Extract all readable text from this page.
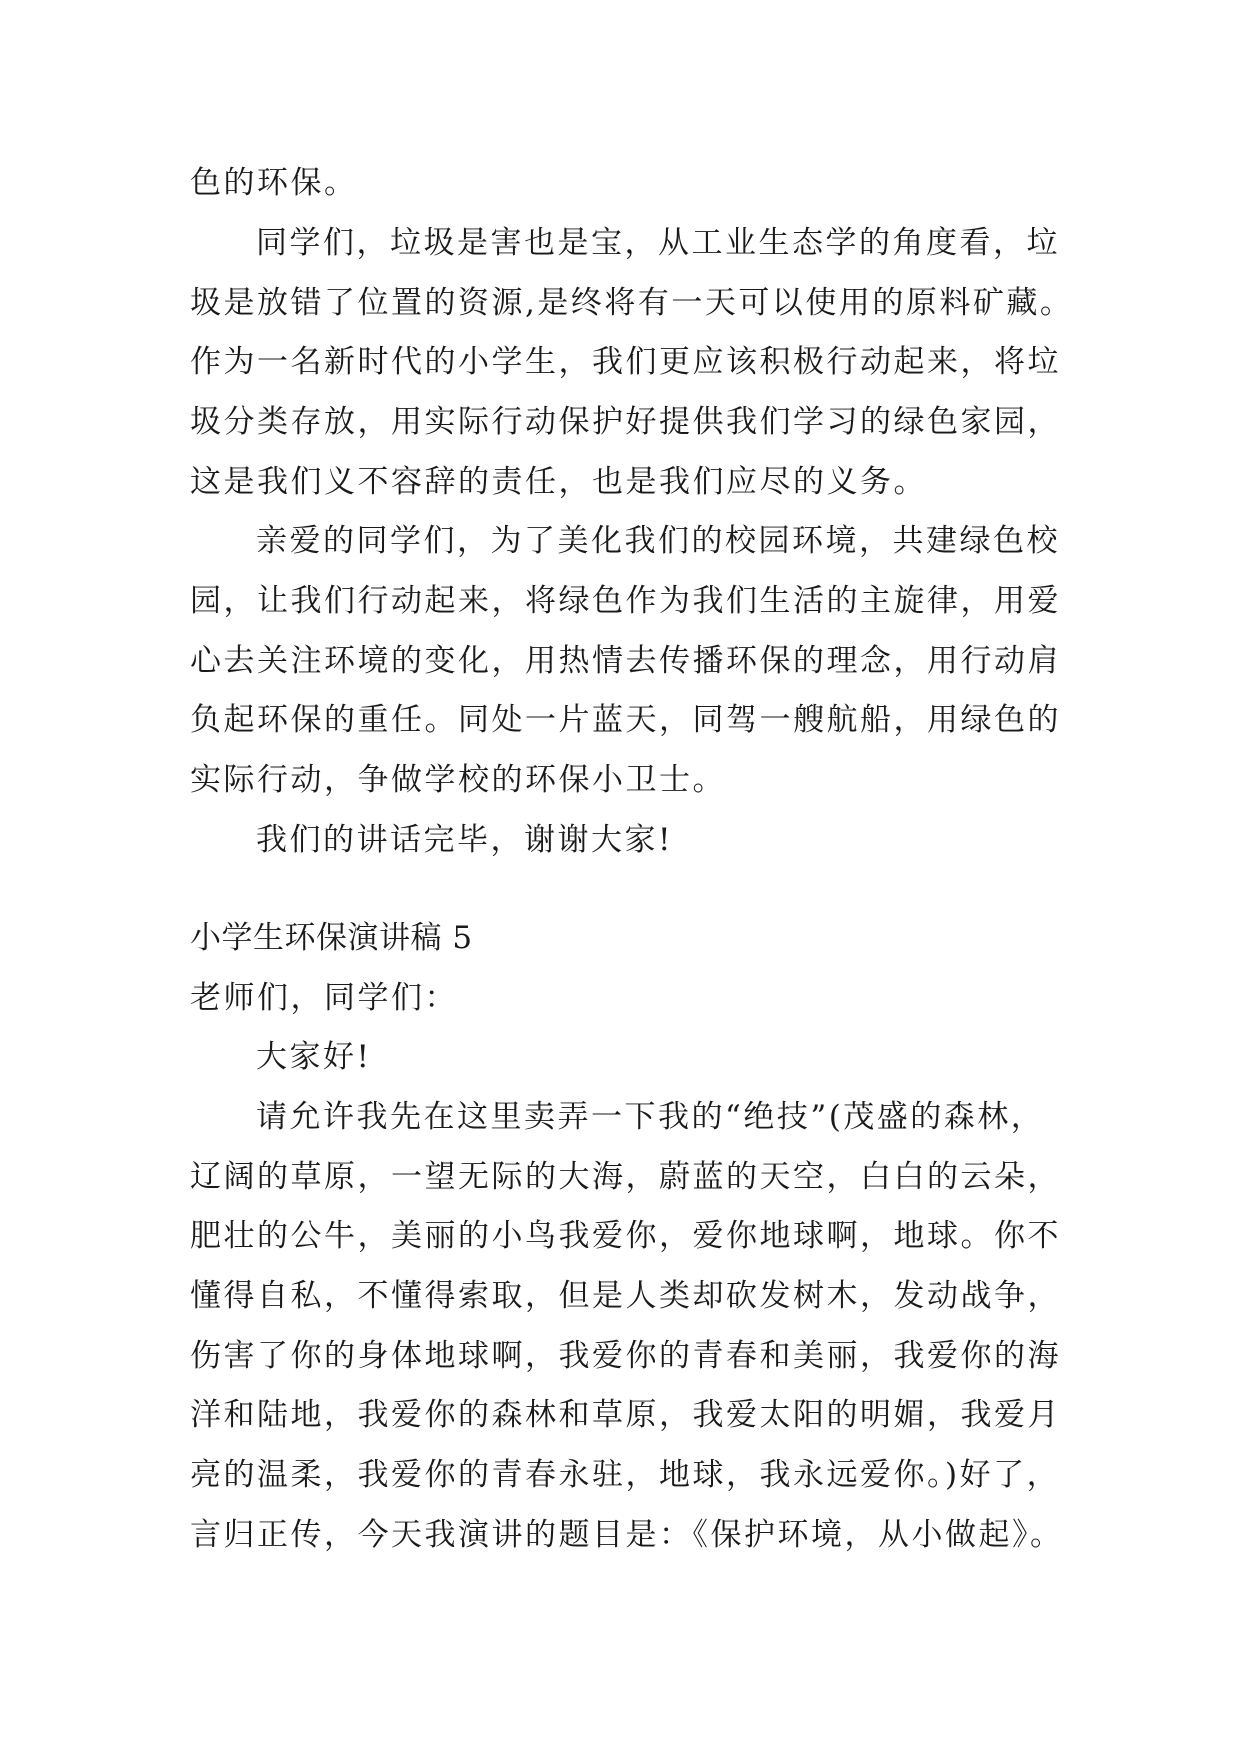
色的环保。
同学们，垃圾是害也是宝，从工业生态学的角度看，垃
圾是放错了位置的资源,是终将有一天可以使用的原料矿藏。
作为一名新时代的小学生，我们更应该积极行动起来，将垃
圾分类存放，用实际行动保护好提供我们学习的绿色家园，
这是我们义不容辞的责任，也是我们应尽的义务。
亲爱的同学们，为了美化我们的校园环境，共建绿色校
园，让我们行动起来，将绿色作为我们生活的主旋律，用爱
心去关注环境的变化，用热情去传播环保的理念，用行动肩
负起环保的重任。同处一片蓝天，同驾一艘航船，用绿色的
实际行动，争做学校的环保小卫士。
我们的讲话完毕，谢谢大家!
小学生环保演讲稿 5
老师们，同学们：
大家好!
请允许我先在这里卖弄一下我的“绝技”(茂盛的森林，
辽阔的草原，一望无际的大海，蔚蓝的天空，白白的云朵，
肥壮的公牛，美丽的小鸟我爱你，爱你地球啊，地球。你不
懂得自私，不懂得索取，但是人类却砍发树木，发动战争，
伤害了你的身体地球啊，我爱你的青春和美丽，我爱你的海
洋和陆地，我爱你的森林和草原，我爱太阳的明媚，我爱月
亮的温柔，我爱你的青春永驻，地球，我永远爱你。)好了，
言归正传，今天我演讲的题目是：《保护环境，从小做起》。
